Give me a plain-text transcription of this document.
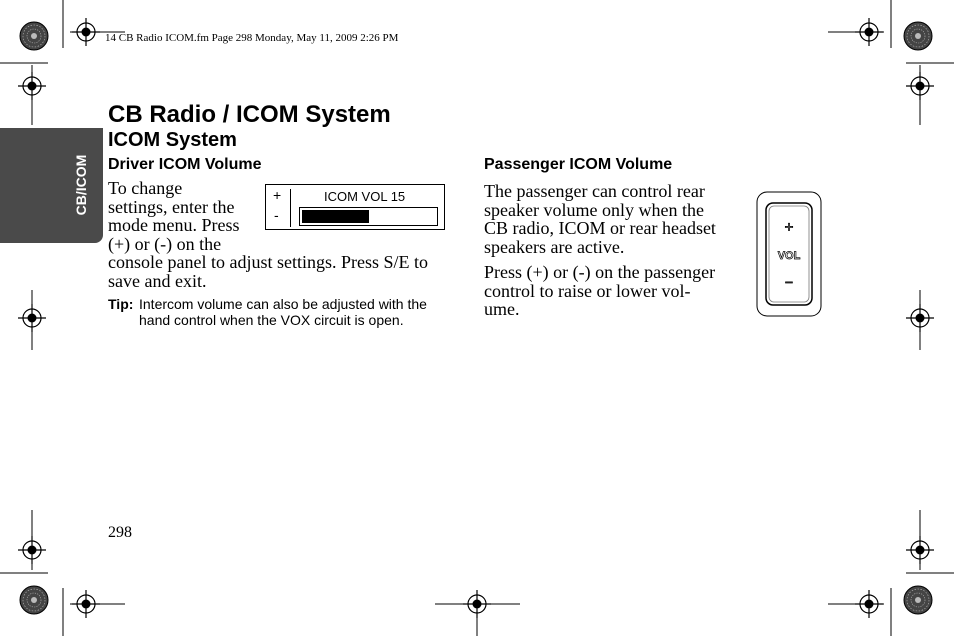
14 CB Radio ICOM.fm Page 298 Monday, May 11, 2009 2:26 PM
CB/ICOM
CB Radio / ICOM System
ICOM System
Driver ICOM Volume
To change
settings, enter the
mode menu. Press
(+) or (-) on the
console panel to adjust settings. Press S/E to
save and exit.
+
-
ICOM VOL 15
Tip: Intercom volume can also be adjusted with the hand control when the VOX circuit is open.
Passenger ICOM Volume
The passenger can control rear
speaker volume only when the
CB radio, ICOM or rear headset
speakers are active.
Press (+) or (-) on the passenger
control to raise or lower vol-
ume.
+
VOL
−
298
